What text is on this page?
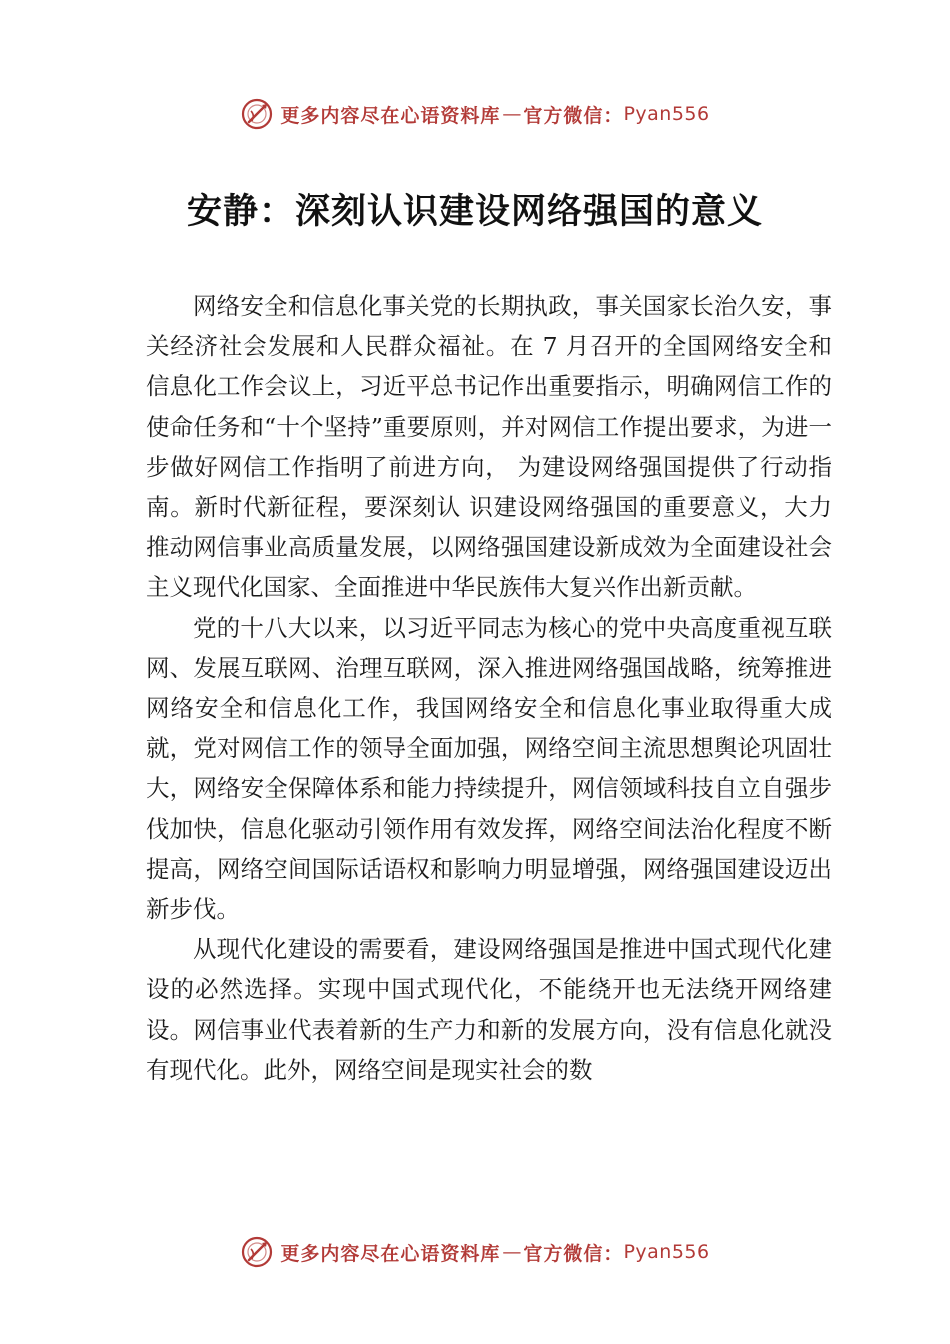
更多内容尽在心语资料库 — 官方微信： Pyan556
安静：深刻认识建设网络强国的意义

网络安全和信息化事关党的长期执政，事关国家长治久安，事关经济社会发展和人民群众福祉。在 7 月召开的全国网络安全和信息化工作会议上，习近平总书记作出重要指示，明确网信工作的使命任务和“十个坚持”重要原则，并对网信工作提出要求，为进一步做好网信工作指明了前进方向， 为建设网络强国提供了行动指南。新时代新征程，要深刻认 识建设网络强国的重要意义，大力推动网信事业高质量发展，以网络强国建设新成效为全面建设社会主义现代化国家、全面推进中华民族伟大复兴作出新贡献。

党的十八大以来，以习近平同志为核心的党中央高度重视互联网、发展互联网、治理互联网，深入推进网络强国战略，统筹推进网络安全和信息化工作，我国网络安全和信息化事业取得重大成就，党对网信工作的领导全面加强，网络空间主流思想舆论巩固壮大，网络安全保障体系和能力持续提升，网信领域科技自立自强步伐加快，信息化驱动引领作用有效发挥，网络空间法治化程度不断提高，网络空间国际话语权和影响力明显增强，网络强国建设迈出新步伐。

从现代化建设的需要看，建设网络强国是推进中国式现代化建设的必然选择。实现中国式现代化，不能绕开也无法绕开网络建设。网信事业代表着新的生产力和新的发展方向，没有信息化就没有现代化。此外，网络空间是现实社会的数

更多内容尽在心语资料库 — 官方微信： Pyan556
